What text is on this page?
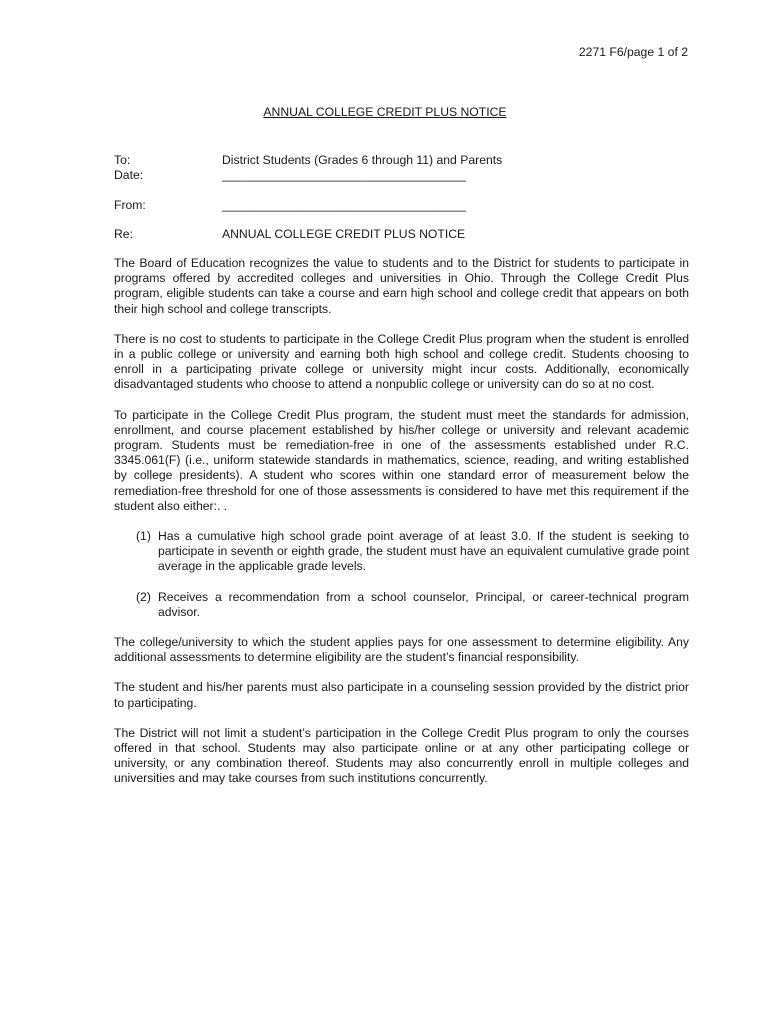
2271 F6/page 1 of 2
ANNUAL COLLEGE CREDIT PLUS NOTICE
To:	District Students (Grades 6 through 11) and Parents
Date:	____________________________________
From:	____________________________________
Re:	ANNUAL COLLEGE CREDIT PLUS NOTICE

The Board of Education recognizes the value to students and to the District for students to participate in programs offered by accredited colleges and universities in Ohio. Through the College Credit Plus program, eligible students can take a course and earn high school and college credit that appears on both their high school and college transcripts.

There is no cost to students to participate in the College Credit Plus program when the student is enrolled in a public college or university and earning both high school and college credit. Students choosing to enroll in a participating private college or university might incur costs. Additionally, economically disadvantaged students who choose to attend a nonpublic college or university can do so at no cost.

To participate in the College Credit Plus program, the student must meet the standards for admission, enrollment, and course placement established by his/her college or university and relevant academic program. Students must be remediation-free in one of the assessments established under R.C. 3345.061(F) (i.e., uniform statewide standards in mathematics, science, reading, and writing established by college presidents). A student who scores within one standard error of measurement below the remediation-free threshold for one of those assessments is considered to have met this requirement if the student also either:. .

(1) Has a cumulative high school grade point average of at least 3.0. If the student is seeking to participate in seventh or eighth grade, the student must have an equivalent cumulative grade point average in the applicable grade levels.
(2) Receives a recommendation from a school counselor, Principal, or career-technical program advisor.

The college/university to which the student applies pays for one assessment to determine eligibility. Any additional assessments to determine eligibility are the student’s financial responsibility.

The student and his/her parents must also participate in a counseling session provided by the district prior to participating.

The District will not limit a student’s participation in the College Credit Plus program to only the courses offered in that school. Students may also participate online or at any other participating college or university, or any combination thereof. Students may also concurrently enroll in multiple colleges and universities and may take courses from such institutions concurrently.
